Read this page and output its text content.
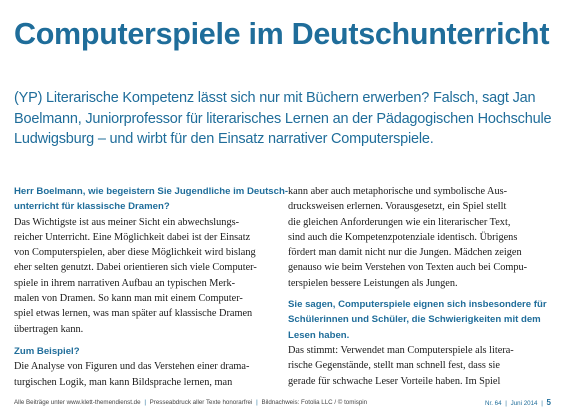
Computerspiele im Deutschunterricht

(YP) Literarische Kompetenz lässt sich nur mit Büchern erwerben? Falsch, sagt Jan
Boelmann, Juniorprofessor für literarisches Lernen an der Pädagogischen Hochschule
Ludwigsburg – und wirbt für den Einsatz narrativer Computerspiele.

Herr Boelmann, wie begeistern Sie Jugendliche im Deutsch-
unterricht für klassische Dramen?
Das Wichtigste ist aus meiner Sicht ein abwechslungs-
reicher Unterricht. Eine Möglichkeit dabei ist der Einsatz
von Computerspielen, aber diese Möglichkeit wird bislang
eher selten genutzt. Dabei orientieren sich viele Computer-
spiele in ihrem narrativen Aufbau an typischen Merk-
malen von Dramen. So kann man mit einem Computer-
spiel etwas lernen, was man später auf klassische Dramen
übertragen kann.
Zum Beispiel?
Die Analyse von Figuren und das Verstehen einer drama-
turgischen Logik, man kann Bildsprache lernen, man
kann aber auch metaphorische und symbolische Aus-
drucksweisen erlernen. Vorausgesetzt, ein Spiel stellt
die gleichen Anforderungen wie ein literarischer Text,
sind auch die Kompetenzpotenziale identisch. Übrigens
fördert man damit nicht nur die Jungen. Mädchen zeigen
genauso wie beim Verstehen von Texten auch bei Compu-
terspielen bessere Leistungen als Jungen.
Sie sagen, Computerspiele eignen sich insbesondere für
Schülerinnen und Schüler, die Schwierigkeiten mit dem
Lesen haben.
Das stimmt: Verwendet man Computerspiele als litera-
rische Gegenstände, stellt man schnell fest, dass sie
gerade für schwache Leser Vorteile haben. Im Spiel
Alle Beiträge unter www.klett-themendienst.de | Presseabdruck aller Texte honorarfrei | Bildnachweis: Fotolia LLC / © tomispin	Nr. 64 | Juni 2014 | 5
